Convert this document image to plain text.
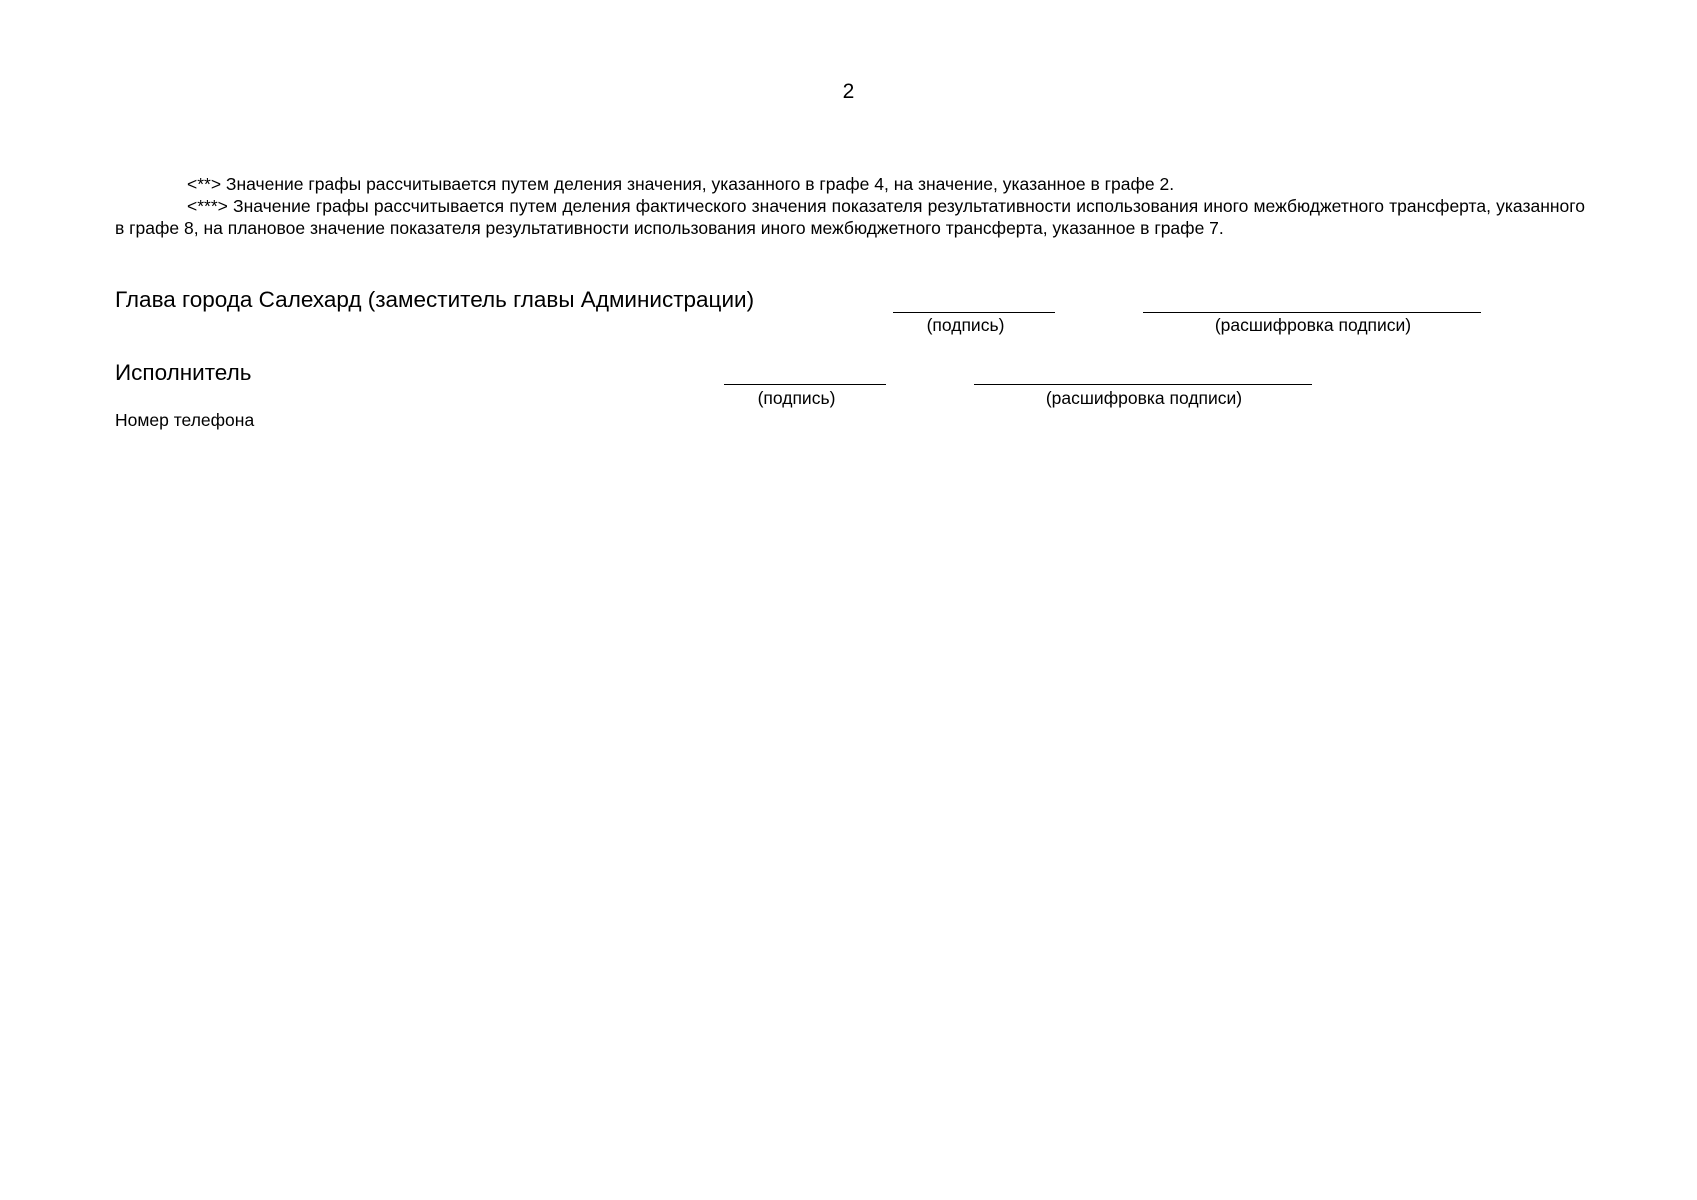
2

<**> Значение графы рассчитывается путем деления значения, указанного в графе 4, на значение, указанное в графе 2.

<***> Значение графы рассчитывается путем деления фактического значения показателя результативности использования иного межбюджетного трансферта, указанного в графе 8, на плановое значение показателя результативности использования иного межбюджетного трансферта, указанное в графе 7.

Глава города Салехард (заместитель главы Администрации)
(подпись)	(расшифровка подписи)
Исполнитель
(подпись)	(расшифровка подписи)
Номер телефона
